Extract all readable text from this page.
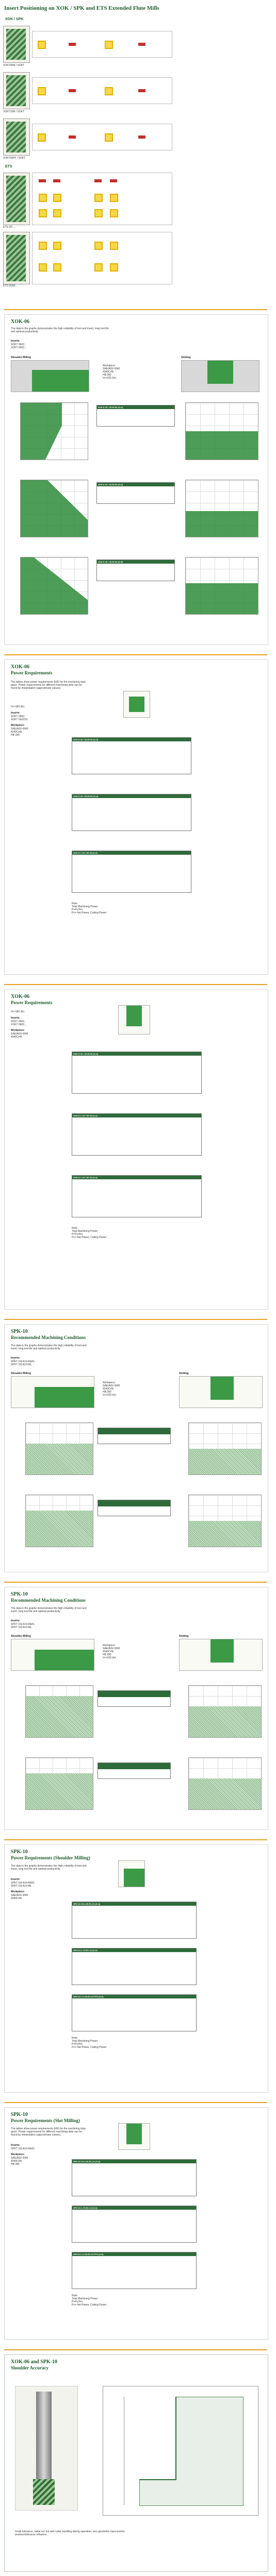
Insert Positioning on XOK / SPK and ETS Extended Flute Mills
XOK / SPK
XOKT05M / SOKT
XOKT10M / SOKT
XOKT05PF / SOKT
ETS
ETS 2/2 ...
ETS 05/06 ...
XOK-06
The data in the graphs demonstrates the high reliability of tool and insert, long tool life and optimal productivity.
Inserts:
SOKT 0602...
XOKT 0602...
Shoulder Milling	Slotting
Workpiece:
SAE/AISI 4340
4340CrNi
HB 280
Vc=220 (fn)
XOK D 20 / 20-90 06 (Z=4)
XOK D 32 / 32-90 06 (Z=4)
XOK D 40 / 40-90 06 (Z=5)
XOK-06
Power Requirements
The tables show power requirements (kW) for the machining data given. Power requirements for different machining data can be found by interpolation (approximate values).
Vc=180 (fn)
Inserts:
SOKT 0602...
SOKT 0602SS
Workpiece:
SAE/AISI 4340
4340CrNi
HB 280
XOK D 32 / 32-90 06 (Z=4)
XOK D 25 / 25-90 06 (Z=4)
XOK D 1 1/2 / 90 06 (Z=4)
Note:
Total Machining Power
P=Pc/Pm
Pc= Net Power, Cutting Power
XOK-06
Power Requirements
Vc=180 (fn)
Inserts:
SOKT 0602...
XOKT 0602...
Workpiece:
SAE/AISI 4340
4340CrNi
XOK D 32 / 32-90 06 (Z=4)
XOK D 1 1/2 / 90 06 (Z=4)
XOK D 1 1/2 / 90 06 (Z=4)
Note:
Total Machining Power
P=Pc/Pm
Pc= Net Power, Cutting Power
SPK-10
Recommended Machining Conditions
The data in the graphs demonstrates the high reliability of tool and insert, long tool life and optimal productivity.
Inserts:
SPKT 10L4LN-RA/G
SPKT 10L4LN-ML
Shoulder Milling	Slotting
Workpiece:
SAE/AISI 4340
4340CrNi
HB 280
Vc=220 (fn)
SPK-10
Recommended Machining Conditions
The data in the graphs demonstrates the high reliability of tool and insert, long tool life and optimal productivity.
Inserts:
SPKT 10L4LN-RA/G
SPKT 10L4LN-ML
Shoulder Milling	Slotting
Workpiece:
SAE/AISI 4340
4340CrNi
HB 280
Vc=220 (fn)
SPK-10
Power Requirements (Shoulder Milling)
The data in the graphs demonstrates the high reliability of tool and insert, long tool life and optimal productivity.
Inserts:
SPKT 10L4LN-RA/G
SPKT 10L4LN-ML
Workpiece:
SAE/AISI 4340
4340CrNi
SPK D1 25-1.00-R1-10 (Z=3)
SPK D1 1-75-R1-10 (Z=3)
SPK D1 2-2.00-R1-10 FFS (Z=5)
Note:
Total Machining Power
P=Pc/Pm
Pc= Net Power, Cutting Power
SPK-10
Power Requirements (Slot Milling)
The tables show power requirements (kW) for the machining data given. Power requirements for different machining data can be found by interpolation (approximate values).
Inserts:
SPKT 10L4LN-RA/G
Workpiece:
SAE/AISI 4340
4340CrNi
HB 280
SPK D1 25-1.00-R1-10 (Z=3)
SPK D1 1-75-R1-10 (Z=3)
SPK D1 2-2.00-R1-10 FFS (Z=5)
Note:
Total Machining Power
P=Pc/Pm
Pc= Net Power, Cutting Power
XOK-06 and SPK-10
Shoulder Accuracy
Small tolerance, radial run out and cutter handling during operation: very geometric inaccuracies produce/tolerance influence.
